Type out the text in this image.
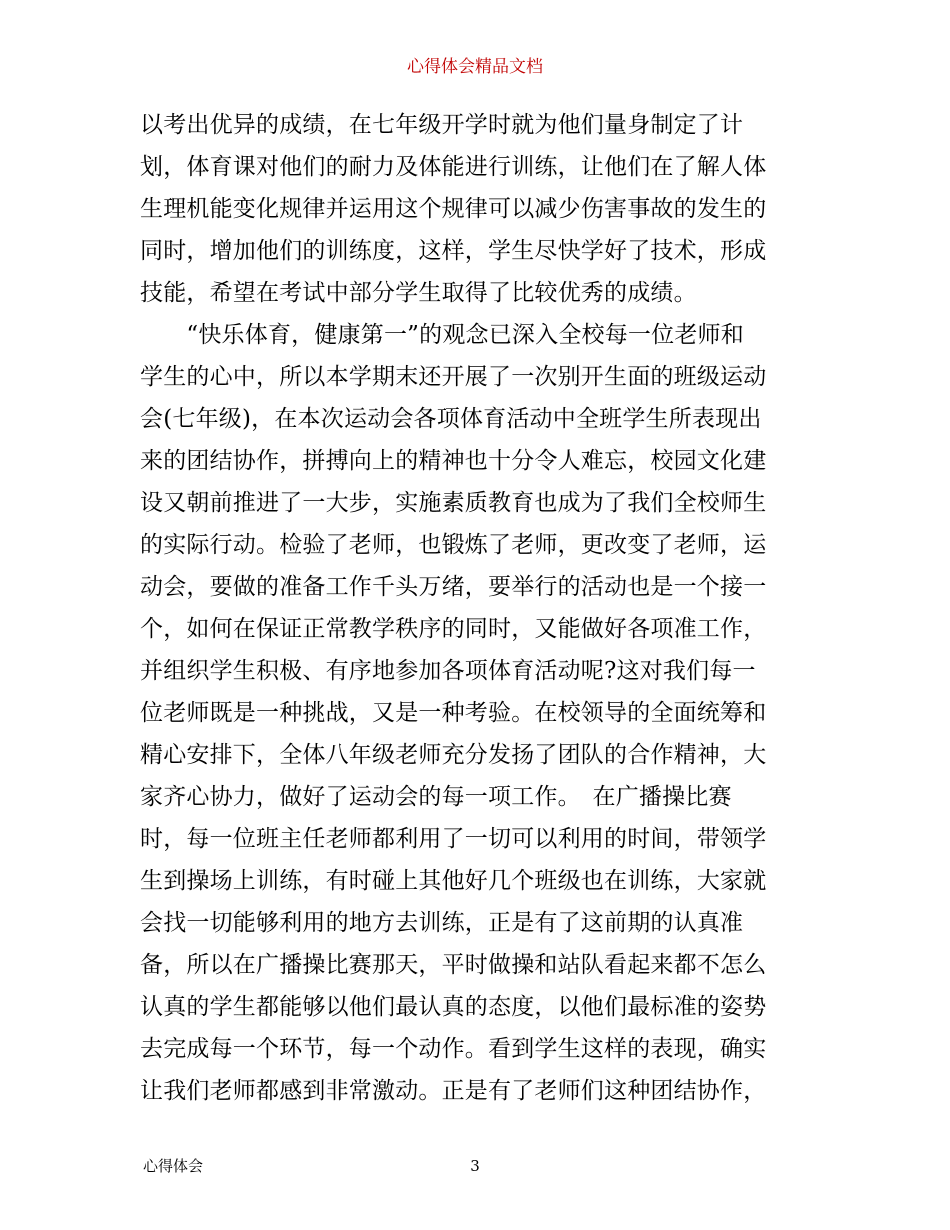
心得体会精品文档
以考出优异的成绩，在七年级开学时就为他们量身制定了计
划，体育课对他们的耐力及体能进行训练，让他们在了解人体
生理机能变化规律并运用这个规律可以减少伤害事故的发生的
同时，增加他们的训练度，这样，学生尽快学好了技术，形成
技能，希望在考试中部分学生取得了比较优秀的成绩。
　　“快乐体育，健康第一”的观念已深入全校每一位老师和
学生的心中，所以本学期末还开展了一次别开生面的班级运动
会(七年级)，在本次运动会各项体育活动中全班学生所表现出
来的团结协作，拼搏向上的精神也十分令人难忘，校园文化建
设又朝前推进了一大步，实施素质教育也成为了我们全校师生
的实际行动。检验了老师，也锻炼了老师，更改变了老师，运
动会，要做的准备工作千头万绪，要举行的活动也是一个接一
个，如何在保证正常教学秩序的同时，又能做好各项准工作，
并组织学生积极、有序地参加各项体育活动呢?这对我们每一
位老师既是一种挑战，又是一种考验。在校领导的全面统筹和
精心安排下，全体八年级老师充分发扬了团队的合作精神，大
家齐心协力，做好了运动会的每一项工作。　在广播操比赛
时，每一位班主任老师都利用了一切可以利用的时间，带领学
生到操场上训练，有时碰上其他好几个班级也在训练，大家就
会找一切能够利用的地方去训练，正是有了这前期的认真准
备，所以在广播操比赛那天，平时做操和站队看起来都不怎么
认真的学生都能够以他们最认真的态度，以他们最标准的姿势
去完成每一个环节，每一个动作。看到学生这样的表现，确实
让我们老师都感到非常激动。正是有了老师们这种团结协作，
心得体会	3
